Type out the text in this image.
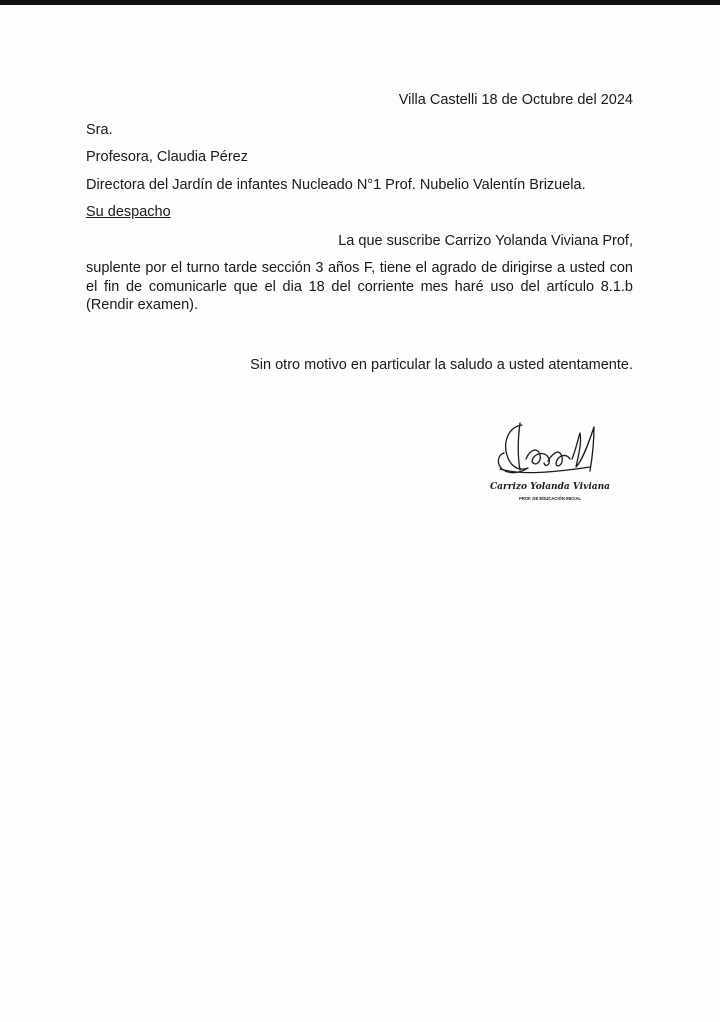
Villa Castelli 18 de Octubre del 2024
Sra.
Profesora, Claudia Pérez
Directora del Jardín de infantes Nucleado N°1 Prof. Nubelio Valentín Brizuela.
Su despacho
La que suscribe Carrizo Yolanda Viviana Prof,
suplente por el turno tarde sección 3 años F, tiene el agrado de dirigirse a usted con el fin de comunicarle que el dia 18 del corriente mes haré uso del artículo 8.1.b (Rendir examen).
Sin otro motivo en particular la saludo a usted atentamente.
Carrizo Yolanda Viviana
PROF. DE EDUCACIÓN INICIAL
